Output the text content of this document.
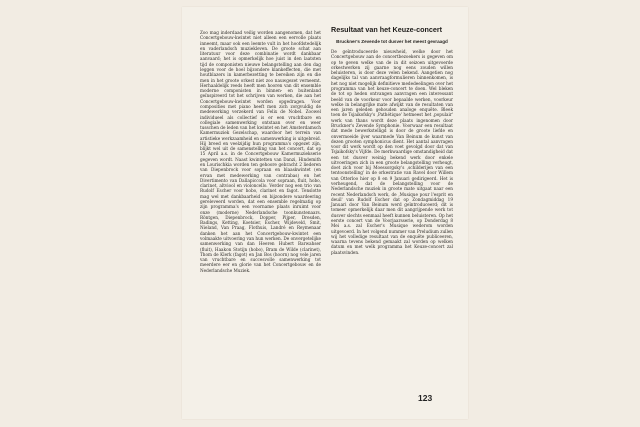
Zoo mag inderdaad veilig worden aangenomen, dat het Concertgebouw-kwintet niet alleen een eervolle plaats inneemt, maar ook een leemte vult in het hoofdstedelijk en vaderlandsch muziekleven. De groote schat aan literatuur voor deze combinatie wordt dankbaar aanvaard; het is opmerkelijk hoe juist in den laatsten tijd de componisten nieuwe belangstelling aan den dag leggen voor de hoel bijzondere klankeffecten, die met houtblazers in kamerbezetting te bereiken zijn en die men in het groote orkest niet zoo nauwgezet verneemt. Herhaaldelijk reeds heeft men hooren van dit ensemble moderne componisten in binnen- en buitenland geïnspireerd tot het schrijven van werken, die aan het Concertgebouw-kwintet worden opgedragen. Voor composities met piano heeft men zich zorgvuldig de medewerking verzekerd van Felix de Nobel. Zoowel individueel als collectief is er een vruchtbare en collegiale samenwerking ontstaan over en weer tusschen de leden van het kwintet en het Amsterdamsch Kamermuziek Gezelschap, waardoor het terrein van artistieke werkzaamheid en samenwerking is uitgebreid. Hij breed en veelzijdig hun programma's opgezet zijn, blijkt wel uit de samenstelling van het concert, dat op 15 April a.s. in de Concertgebouw Kamermuziekserie gegeven wordt. Naast kwintetten van Danzi, Hindemith en Lourischkia worden ten gehoore gebracht 2 liederen van Diepenbrock voor sopraan en blaaskwintet (en ervan met medewerking van contrabas) en het Divertimento van Dallapiccola voor sopraan, fluit, hobo, clarinet, altviool en violoncello. Verder nog een trio van Rudolf Escher voor hobo, clarinet en fagot. Tenslotte mag wel met dankbaarheid en bijzondere waardeering gereleveerd worden, dat een ensemble regelmatig op zijn programma's een voorname plaats inruimt voor onze (moderne) Nederlandsche toonkunstenaars. Röntgen, Diepenbrock, Dopper, Pijper, Dresden, Badings, Ketting, Koetsier, Escher, Wijdeveld, Smit, Nieland, Van Praag, Flothuis, Landré en Reymenaar danken het aan het Concertgebouw-kwintet een volmaakte uitvoering van hun werken. De onvergetelijke samenwerking van dan Heeren Hubert Barwahser (fluit), Haakon Stotijn (hobo), Bram de Wilde (clarinet), Thom de Klerk (fagot) en Jan Bos (hoorn) nog vele jaren van vruchtbare en succesvolle samenwerking tot meerdere eer en glorie van het Concertgebouw en de Nederlandsche Muziek.

Resultaat van het Keuze-concert
Bruckner's Zevende tot dusver het meest gevraagd

De geïntroduceerde nieuwheid, welke door het Concertgebouw aan de concertbezoekers is gegeven om op te geven welke van de in dit seizoen uitgevoerde orkestwerken zij gaarne nog eens zouden willen beluisteren, is door deze velen bekend. Aangetien nog dagelijks tal van aanvraagformulieren binnenkomen, is het nog niet mogelijk definitieve mededeelingen over het programma van het keuze-concert te doen. Wel bleken de tot op heden ontvangen aanvragen een interessant beeld van de voorkeur voor bepaalde werken, voorkeur welke in belangrijke mate afwijkt van de resultaten van een jaren geleden gehouden analoge enquête. Bleek toen de Tsjaikofsky's ‚Pathétique' hetmeest het ‚populair' werk van thans wordt deze plaats ingenomen door Bruckner's Zevende Symphonie. Voorwaar een resultaat dat mede bewerkstelligd is door de groote liefde en onvermoeide ijver waarmede Van Beinum de kunst van dezen grooten symphonicus dient. Het aantal aanvragen voor dit werk wordt op den voet gevolgd door dat van Tsjaikofsky's Vijfde. De merkwaardige omstandigheid dat een tot dusver weinig bekend werk door enkele uitvoeringen zich in een groote belangstelling verheugt, doet zich voor bij Moessorgsky's ‚schilderijen van een tentoonstelling' in de orkestratie van Ravel door Willem van Otterloo hier op 8 en 9 Januari gedirigeerd. Het is verheugend, dat de belangstelling voor de Nederlandsche muziek in groote mate uitgaat naar een recent Nederlandsch werk, de ‚Musique pour l'esprit en deuil' van Rudolf Escher dat op Zondagmiddag 19 Januari door Van Beinum werd geïntroduceerd; dit is tomeer opmerkelijk daar men dit aangrijpende werk tot dusver slechts eenmaal heeft kunnen beluisteren. Op het eerste concert van de Voorjaarsserie, op Donderdag 8 Mei a.s. zal Escher's Musique wederom worden uitgevoerd. In het volgend nummer van Preludium zullen wij het volledige resultaat van de enquête publiceeren, waarna tevens bekend gemaakt zal worden op welken datum en met welk programma het Keuze-concert zal plaatsvinden.

123
